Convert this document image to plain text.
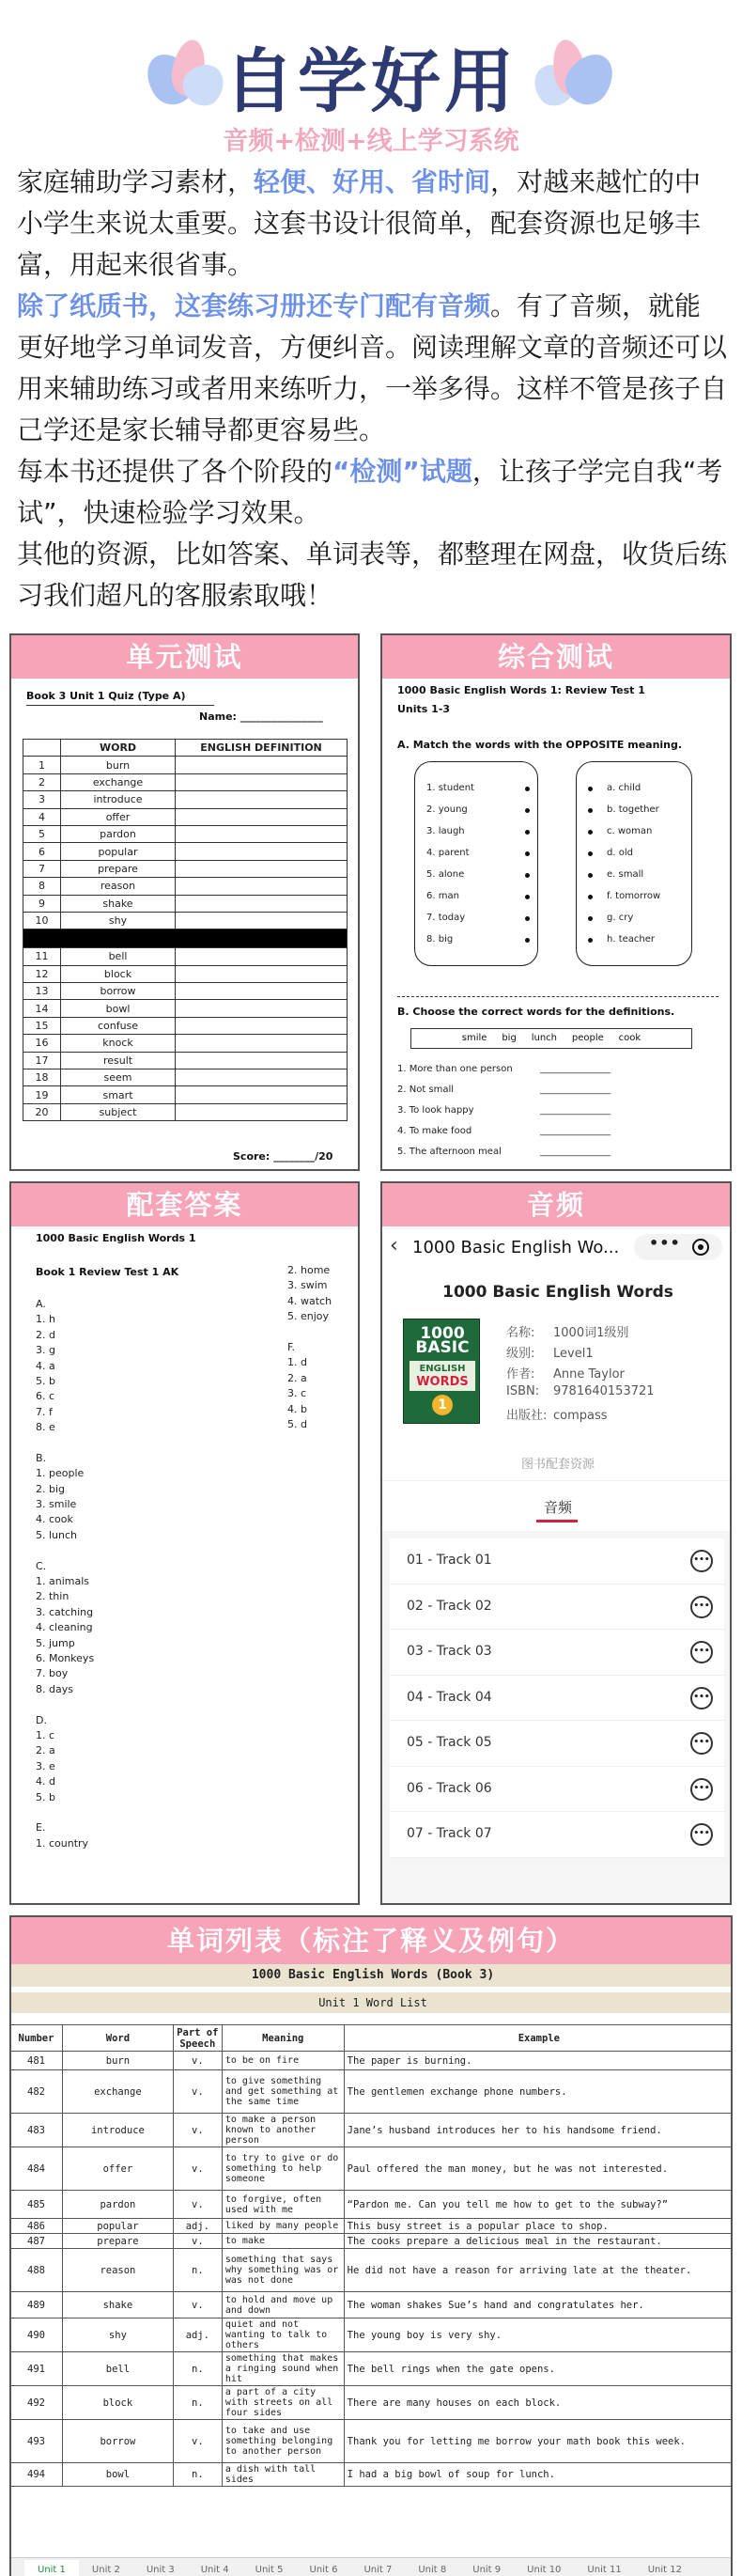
自学好用
音频+检测+线上学习系统
家庭辅助学习素材，轻便、好用、省时间，对越来越忙的中小学生来说太重要。这套书设计很简单，配套资源也足够丰富，用起来很省事。
除了纸质书，这套练习册还专门配有音频。有了音频，就能更好地学习单词发音，方便纠音。阅读理解文章的音频还可以用来辅助练习或者用来练听力，一举多得。这样不管是孩子自己学还是家长辅导都更容易些。
每本书还提供了各个阶段的“检测”试题，让孩子学完自我“考试”，快速检验学习效果。
其他的资源，比如答案、单词表等，都整理在网盘，收货后练习我们超凡的客服索取哦！
单元测试
Book 3 Unit 1 Quiz (Type A)
Name: ________________
	WORD	ENGLISH DEFINITION
1	burn	
2	exchange	
3	introduce	
4	offer	
5	pardon	
6	popular	
7	prepare	
8	reason	
9	shake	
10	shy	

11	bell	
12	block	
13	borrow	
14	bowl	
15	confuse	
16	knock	
17	result	
18	seem	
19	smart	
20	subject	
Score: ________/20
综合测试
1000 Basic English Words 1: Review Test 1
Units 1-3
A. Match the words with the OPPOSITE meaning.
1. student
2. young
3. laugh
4. parent
5. alone
6. man
7. today
8. big
a. child
b. together
c. woman
d. old
e. small
f. tomorrow
g. cry
h. teacher
B. Choose the correct words for the definitions.
smile     big     lunch     people     cook
1. More than one person	_______________
2. Not small	_______________
3. To look happy	_______________
4. To make food	_______________
5. The afternoon meal	_______________
配套答案
1000 Basic English Words 1
Book 1 Review Test 1 AK
A.
1. h
2. d
3. g
4. a
5. b
6. c
7. f
8. e
B.
1. people
2. big
3. smile
4. cook
5. lunch
C.
1. animals
2. thin
3. catching
4. cleaning
5. jump
6. Monkeys
7. boy
8. days
D.
1. c
2. a
3. e
4. d
5. b
E.
1. country
2. home
3. swim
4. watch
5. enjoy
F.
1. d
2. a
3. c
4. b
5. d
音频
‹ 1000 Basic English Wo... •••
1000 Basic English Words
1000
BASIC
ENGLISH
WORDS
1
名称: 1000词1级别
级别: Level1
作者: Anne Taylor
ISBN: 9781640153721
出版社: compass
图书配套资源
音频
01 - Track 01	•••
02 - Track 02	•••
03 - Track 03	•••
04 - Track 04	•••
05 - Track 05	•••
06 - Track 06	•••
07 - Track 07	•••
单词列表（标注了释义及例句）
1000 Basic English Words (Book 3)
Unit 1 Word List
Number	Word	Part of Speech	Meaning	Example
481	burn	v.	to be on fire	The paper is burning.
482	exchange	v.	to give something and get something at the same time	The gentlemen exchange phone numbers.
483	introduce	v.	to make a person known to another person	Jane’s husband introduces her to his handsome friend.
484	offer	v.	to try to give or do something to help someone	Paul offered the man money, but he was not interested.
485	pardon	v.	to forgive, often used with me	“Pardon me. Can you tell me how to get to the subway?”
486	popular	adj.	liked by many people	This busy street is a popular place to shop.
487	prepare	v.	to make	The cooks prepare a delicious meal in the restaurant.
488	reason	n.	something that says why something was or was not done	He did not have a reason for arriving late at the theater.
489	shake	v.	to hold and move up and down	The woman shakes Sue’s hand and congratulates her.
490	shy	adj.	quiet and not wanting to talk to others	The young boy is very shy.
491	bell	n.	something that makes a ringing sound when hit	The bell rings when the gate opens.
492	block	n.	a part of a city with streets on all four sides	There are many houses on each block.
493	borrow	v.	to take and use something belonging to another person	Thank you for letting me borrow your math book this week.
494	bowl	n.	a dish with tall sides	I had a big bowl of soup for lunch.
Unit 1	Unit 2	Unit 3	Unit 4	Unit 5	Unit 6	Unit 7	Unit 8	Unit 9	Unit 10	Unit 11	Unit 12
